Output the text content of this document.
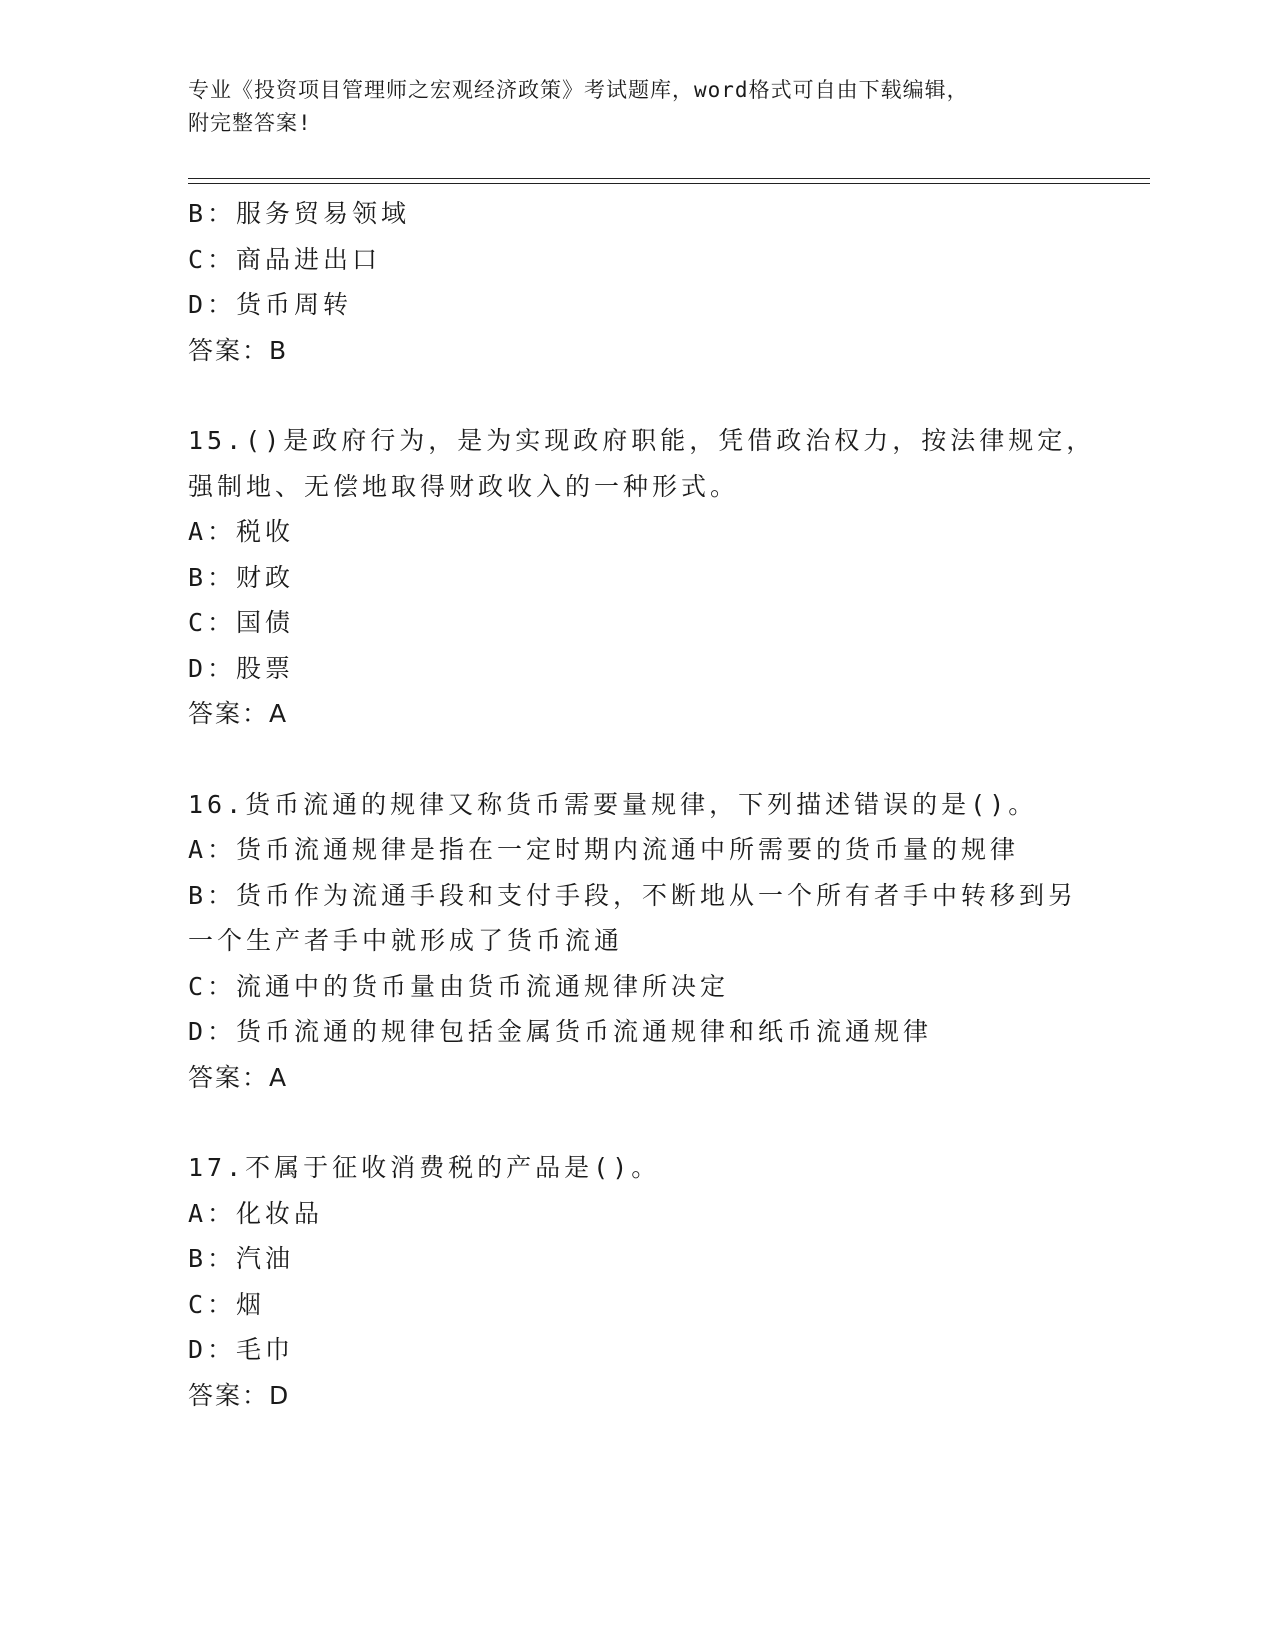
专业《投资项目管理师之宏观经济政策》考试题库，word格式可自由下载编辑，
附完整答案!
B：服务贸易领域
C：商品进出口
D：货币周转
答案：B
15.()是政府行为，是为实现政府职能，凭借政治权力，按法律规定，
强制地、无偿地取得财政收入的一种形式。
A：税收
B：财政
C：国债
D：股票
答案：A
16.货币流通的规律又称货币需要量规律，下列描述错误的是()。
A：货币流通规律是指在一定时期内流通中所需要的货币量的规律
B：货币作为流通手段和支付手段，不断地从一个所有者手中转移到另
一个生产者手中就形成了货币流通
C：流通中的货币量由货币流通规律所决定
D：货币流通的规律包括金属货币流通规律和纸币流通规律
答案：A
17.不属于征收消费税的产品是()。
A：化妆品
B：汽油
C：烟
D：毛巾
答案：D
